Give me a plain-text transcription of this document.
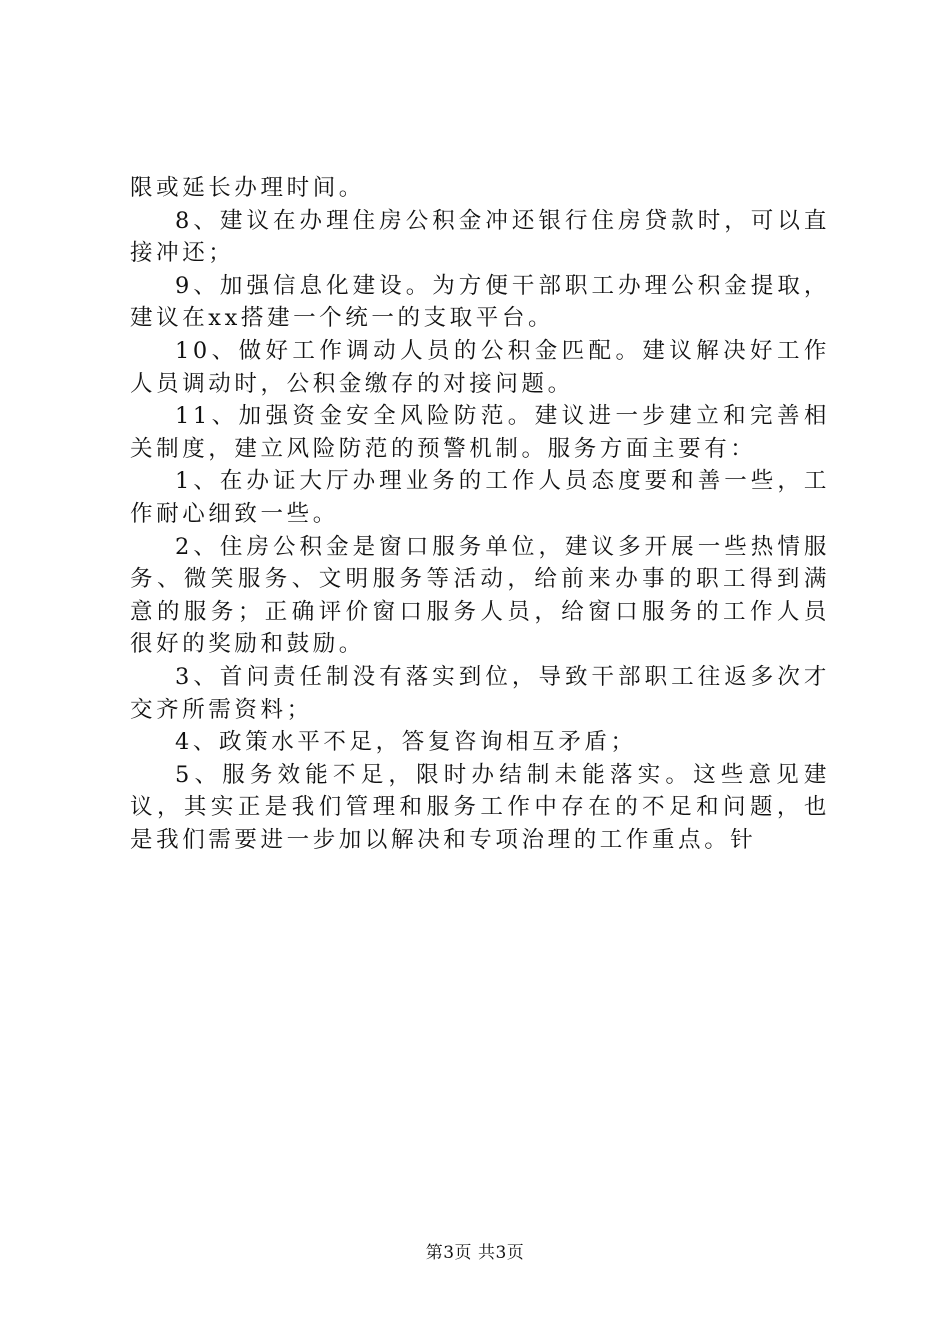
限或延长办理时间。

8、建议在办理住房公积金冲还银行住房贷款时，可以直接冲还；

9、加强信息化建设。为方便干部职工办理公积金提取，建议在xx搭建一个统一的支取平台。

10、做好工作调动人员的公积金匹配。建议解决好工作人员调动时，公积金缴存的对接问题。

11、加强资金安全风险防范。建议进一步建立和完善相关制度，建立风险防范的预警机制。服务方面主要有：

1、在办证大厅办理业务的工作人员态度要和善一些，工作耐心细致一些。

2、住房公积金是窗口服务单位，建议多开展一些热情服务、微笑服务、文明服务等活动，给前来办事的职工得到满意的服务；正确评价窗口服务人员，给窗口服务的工作人员很好的奖励和鼓励。

3、首问责任制没有落实到位，导致干部职工往返多次才交齐所需资料；

4、政策水平不足，答复咨询相互矛盾；

5、服务效能不足，限时办结制未能落实。这些意见建议，其实正是我们管理和服务工作中存在的不足和问题，也是我们需要进一步加以解决和专项治理的工作重点。针

第3页 共3页
